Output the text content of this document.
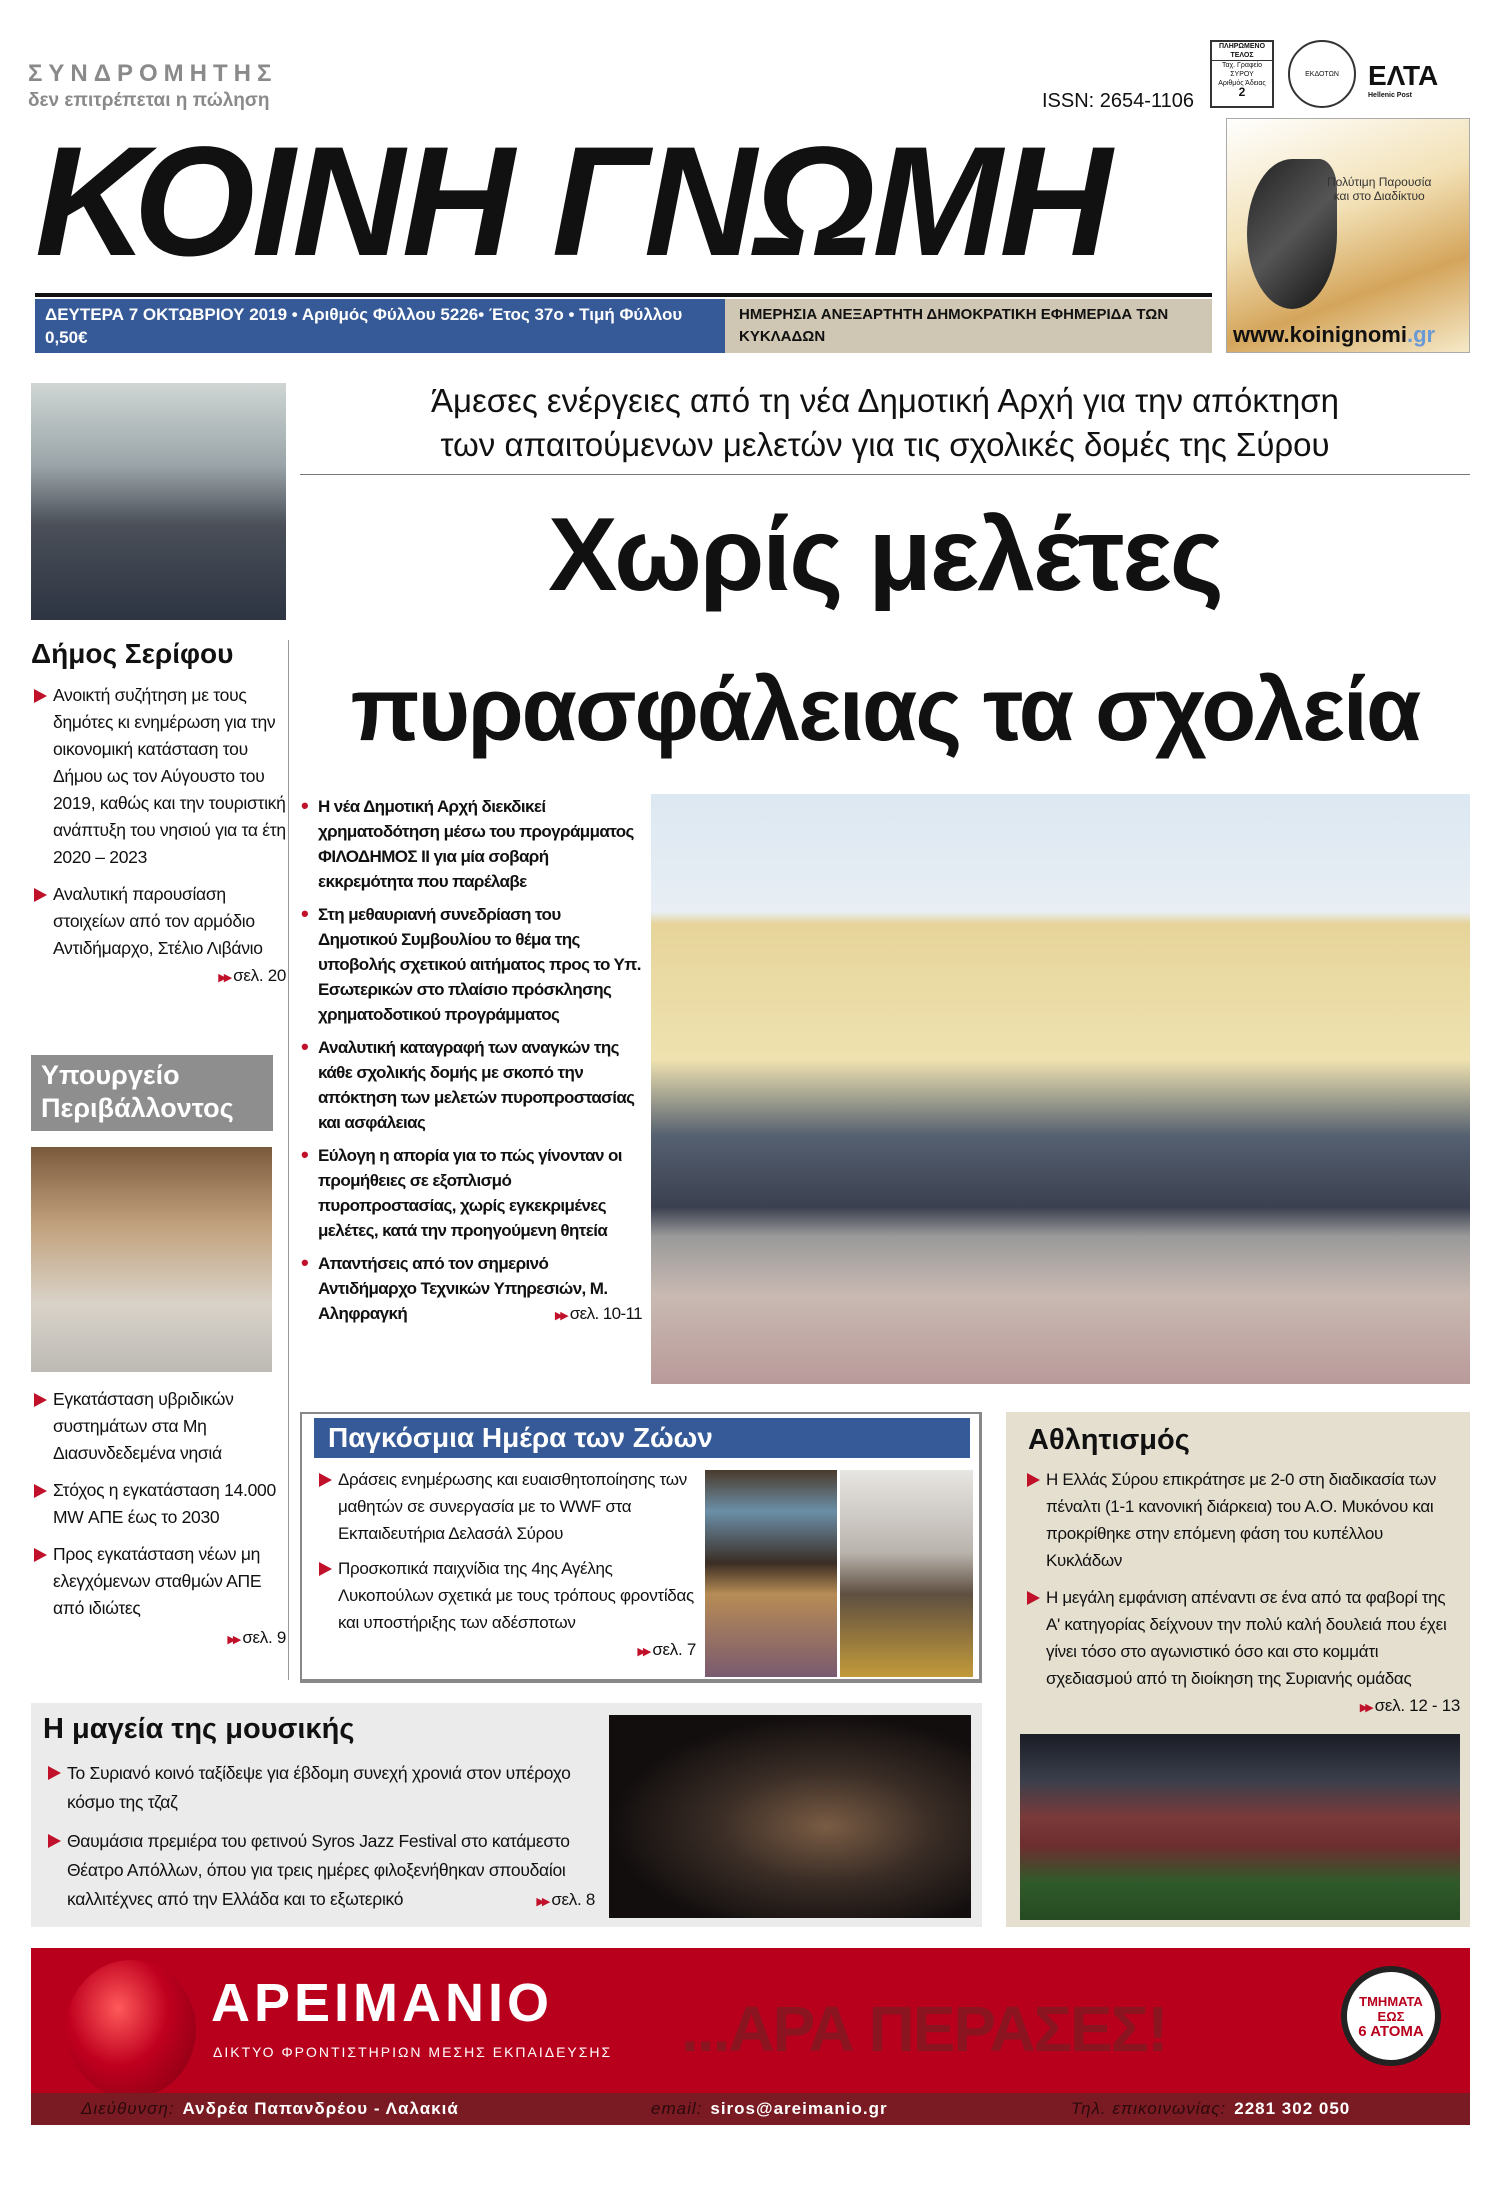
ΣΥΝΔΡΟΜΗΤΗΣ
δεν επιτρέπεται η πώληση	ISSN: 2654-1106
ΠΛΗΡΩΜΕΝΟ ΤΕΛΟΣ
Ταχ. Γραφείο ΣΥΡΟΥ
Αριθμός Άδειας
2
ΕΚΔΟΤΩΝ ΕΛΤΑ
Hellenic Post
ΚΟΙΝΗ ΓΝΩΜΗ
ΔΕΥΤΕΡΑ 7 ΟΚΤΩΒΡΙΟΥ 2019 • Αριθμός Φύλλου 5226• Έτος 37ο • Τιμή Φύλλου 0,50€
ΗΜΕΡΗΣΙΑ ΑΝΕΞΑΡΤΗΤΗ ΔΗΜΟΚΡΑΤΙΚΗ ΕΦΗΜΕΡΙΔΑ ΤΩΝ ΚΥΚΛΑΔΩΝ
Πολύτιμη Παρουσία
και στο Διαδίκτυο
www.koinignomi.gr
Δήμος Σερίφου
Ανοικτή συζήτηση με τους δημότες κι ενημέρωση για την οικονομική κατάσταση του Δήμου ως τον Αύγουστο του 2019, καθώς και την τουριστική ανάπτυξη του νησιού για τα έτη 2020 – 2023
Αναλυτική παρουσίαση στοιχείων από τον αρμόδιο Αντιδήμαρχο, Στέλιο Λιβάνιο
▶▶ σελ. 20
Υπουργείο
Περιβάλλοντος
Εγκατάσταση υβριδικών συστημάτων στα Μη Διασυνδεδεμένα νησιά
Στόχος η εγκατάσταση 14.000 MW ΑΠΕ έως το 2030
Προς εγκατάσταση νέων μη ελεγχόμενων σταθμών ΑΠΕ από ιδιώτες
▶▶ σελ. 9
Άμεσες ενέργειες από τη νέα Δημοτική Αρχή για την απόκτηση
των απαιτούμενων μελετών για τις σχολικές δομές της Σύρου
Χωρίς μελέτες
πυρασφάλειας τα σχολεία
• Η νέα Δημοτική Αρχή διεκδικεί χρηματοδότηση μέσω του προγράμματος ΦΙΛΟΔΗΜΟΣ ΙΙ για μία σοβαρή εκκρεμότητα που παρέλαβε
• Στη μεθαυριανή συνεδρίαση του Δημοτικού Συμβουλίου το θέμα της υποβολής σχετικού αιτήματος προς το Υπ. Εσωτερικών στο πλαίσιο πρόσκλησης χρηματοδοτικού προγράμματος
• Αναλυτική καταγραφή των αναγκών της κάθε σχολικής δομής με σκοπό την απόκτηση των μελετών πυροπροστασίας και ασφάλειας
• Εύλογη η απορία για το πώς γίνονταν οι προμήθειες σε εξοπλισμό πυροπροστασίας, χωρίς εγκεκριμένες μελέτες, κατά την προηγούμενη θητεία
• Απαντήσεις από τον σημερινό Αντιδήμαρχο Τεχνικών Υπηρεσιών, Μ. Αληφραγκή	▶▶ σελ. 10-11
Παγκόσμια Ημέρα των Ζώων
Δράσεις ενημέρωσης και ευαισθητοποίησης των μαθητών σε συνεργασία με το WWF στα Εκπαιδευτήρια Δελασάλ Σύρου
Προσκοπικά παιχνίδια της 4ης Αγέλης Λυκοπούλων σχετικά με τους τρόπους φροντίδας και υποστήριξης των αδέσποτων
▶▶ σελ. 7
Αθλητισμός
Η Ελλάς Σύρου επικράτησε με 2-0 στη διαδικασία των πέναλτι (1-1 κανονική διάρκεια) του Α.Ο. Μυκόνου και προκρίθηκε στην επόμενη φάση του κυπέλλου Κυκλάδων
Η μεγάλη εμφάνιση απέναντι σε ένα από τα φαβορί της Α' κατηγορίας δείχνουν την πολύ καλή δουλειά που έχει γίνει τόσο στο αγωνιστικό όσο και στο κομμάτι σχεδιασμού από τη διοίκηση της Συριανής ομάδας
▶▶ σελ. 12 - 13
Η μαγεία της μουσικής
Το Συριανό κοινό ταξίδεψε για έβδομη συνεχή χρονιά στον υπέροχο κόσμο της τζαζ
Θαυμάσια πρεμιέρα του φετινού Syros Jazz Festival στο κατάμεστο Θέατρο Απόλλων, όπου για τρεις ημέρες φιλοξενήθηκαν σπουδαίοι καλλιτέχνες από την Ελλάδα και το εξωτερικό	▶▶ σελ. 8
ΑΡΕΙΜΑΝΙΟ
ΔΙΚΤΥΟ ΦΡΟΝΤΙΣΤΗΡΙΩΝ ΜΕΣΗΣ ΕΚΠΑΙΔΕΥΣΗΣ ...ΑΡΑ ΠΕΡΑΣΕΣ!	ΤΜΗΜΑΤΑ
ΕΩΣ
6 ΑΤΟΜΑ
Διεύθυνση: Ανδρέα Παπανδρέου - Λαλακιά	email: siros@areimanio.gr	Τηλ. επικοινωνίας: 2281 302 050
